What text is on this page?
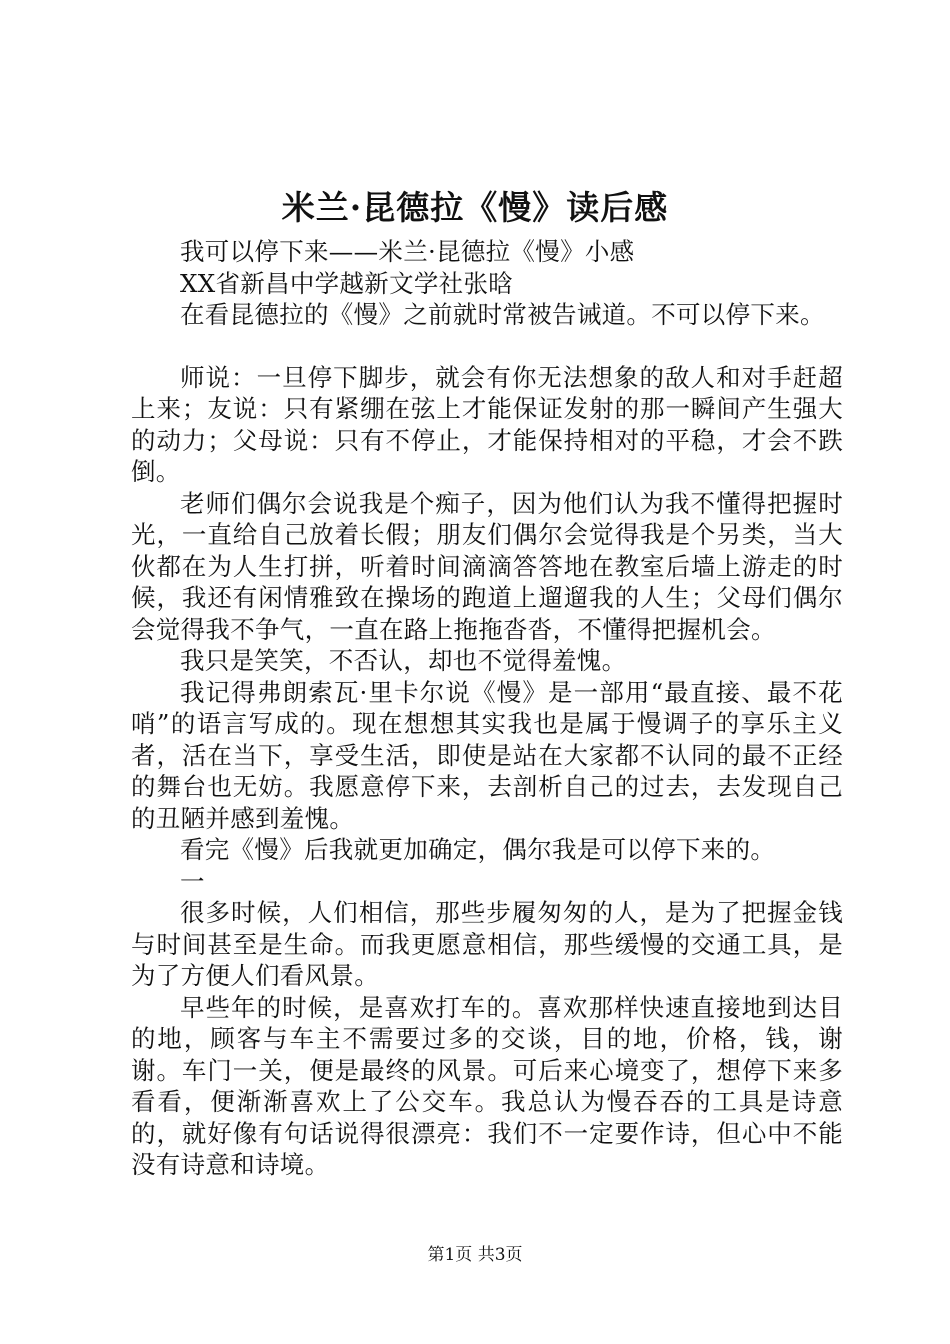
米兰·昆德拉《慢》读后感

我可以停下来——米兰·昆德拉《慢》小感

XX省新昌中学越新文学社张晗

在看昆德拉的《慢》之前就时常被告诫道。不可以停下来。

师说：一旦停下脚步，就会有你无法想象的敌人和对手赶超上来；友说：只有紧绷在弦上才能保证发射的那一瞬间产生强大的动力；父母说：只有不停止，才能保持相对的平稳，才会不跌倒。

老师们偶尔会说我是个痴子，因为他们认为我不懂得把握时光，一直给自己放着长假；朋友们偶尔会觉得我是个另类，当大伙都在为人生打拼，听着时间滴滴答答地在教室后墙上游走的时候，我还有闲情雅致在操场的跑道上遛遛我的人生；父母们偶尔会觉得我不争气，一直在路上拖拖沓沓，不懂得把握机会。

我只是笑笑，不否认，却也不觉得羞愧。

我记得弗朗索瓦·里卡尔说《慢》是一部用“最直接、最不花哨”的语言写成的。现在想想其实我也是属于慢调子的享乐主义者，活在当下，享受生活，即使是站在大家都不认同的最不正经的舞台也无妨。我愿意停下来，去剖析自己的过去，去发现自己的丑陋并感到羞愧。

看完《慢》后我就更加确定，偶尔我是可以停下来的。

一

很多时候，人们相信，那些步履匆匆的人，是为了把握金钱与时间甚至是生命。而我更愿意相信，那些缓慢的交通工具，是为了方便人们看风景。

早些年的时候，是喜欢打车的。喜欢那样快速直接地到达目的地，顾客与车主不需要过多的交谈，目的地，价格，钱，谢谢。车门一关，便是最终的风景。可后来心境变了，想停下来多看看，便渐渐喜欢上了公交车。我总认为慢吞吞的工具是诗意的，就好像有句话说得很漂亮：我们不一定要作诗，但心中不能没有诗意和诗境。

第1页 共3页
